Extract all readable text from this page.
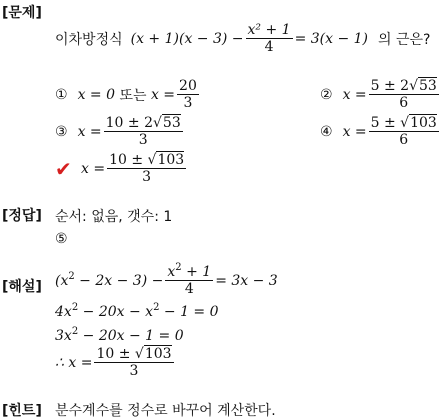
[문제]
[정답]
[해설]
[힌트]
이차방정식 $(x + 1)(x - 3) - \frac{\text{x² + 1}}{4} = 3(x - 1)$ 의 근은?
① x = 0 또는 $x = \frac{20}{3}$	② $x = \frac{5 \pm 2√53}{6}$
③ $x = \frac{10 \pm 2√53}{3}$	④ $x = \frac{5 \pm √103}{6}$
✔ $x = \frac{10 \pm √103}{3}$
순서: 없음, 갯수: 1
⑤
$(x^2 - 2x - 3) - \frac{x^2 + 1}{4} = 3x - 3$
$4x^2 - 20x - x^2 - 1 = 0$
$3x^2 - 20x - 1 = 0$
∴ $x = \frac{10 \pm √103}{3}$
분수계수를 정수로 바꾸어 계산한다.
